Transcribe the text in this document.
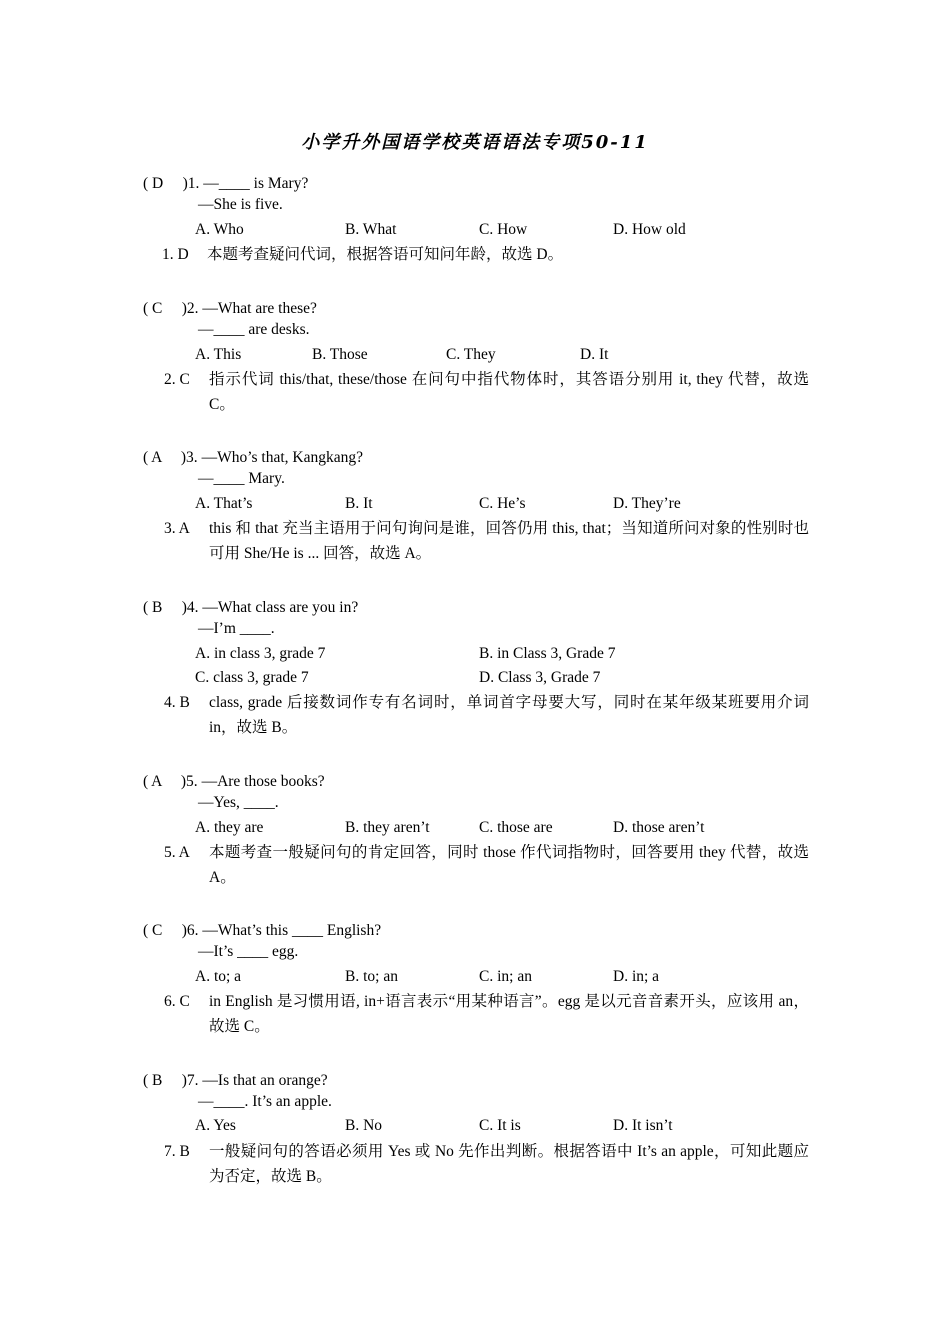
小学升外国语学校英语语法专项50-11
( D　 )1. —____ is Mary?
—She is five.
A. Who	B. What	C. How	D. How old
1. D	本题考查疑问代词，根据答语可知问年龄，故选 D。
( C　 )2. —What are these?
—____ are desks.
A. This	B. Those	C. They	D. It
2. C	指示代词 this/that, these/those 在问句中指代物体时，其答语分别用 it, they 代替，故选 C。
( A　 )3. —Who’s that, Kangkang?
—____ Mary.
A. That’s	B. It	C. He’s	D. They’re
3. A	this 和 that 充当主语用于问句询问是谁，回答仍用 this, that；当知道所问对象的性别时也可用 She/He is ... 回答，故选 A。
( B　 )4. —What class are you in?
—I’m ____.
A. in class 3, grade 7	B. in Class 3, Grade 7
C. class 3, grade 7	D. Class 3, Grade 7
4. B	class, grade 后接数词作专有名词时，单词首字母要大写，同时在某年级某班要用介词 in，故选 B。
( A　 )5. —Are those books?
—Yes, ____.
A. they are	B. they aren’t	C. those are	D. those aren’t
5. A	本题考查一般疑问句的肯定回答，同时 those 作代词指物时，回答要用 they 代替，故选 A。
( C　 )6. —What’s this ____ English?
—It’s ____ egg.
A. to; a	B. to; an	C. in; an	D. in; a
6. C	in English 是习惯用语, in+语言表示“用某种语言”。egg 是以元音音素开头，应该用 an，故选 C。
( B　 )7. —Is that an orange?
—____. It’s an apple.
A. Yes	B. No	C. It is	D. It isn’t
7. B	一般疑问句的答语必须用 Yes 或 No 先作出判断。根据答语中 It’s an apple，可知此题应为否定，故选 B。
